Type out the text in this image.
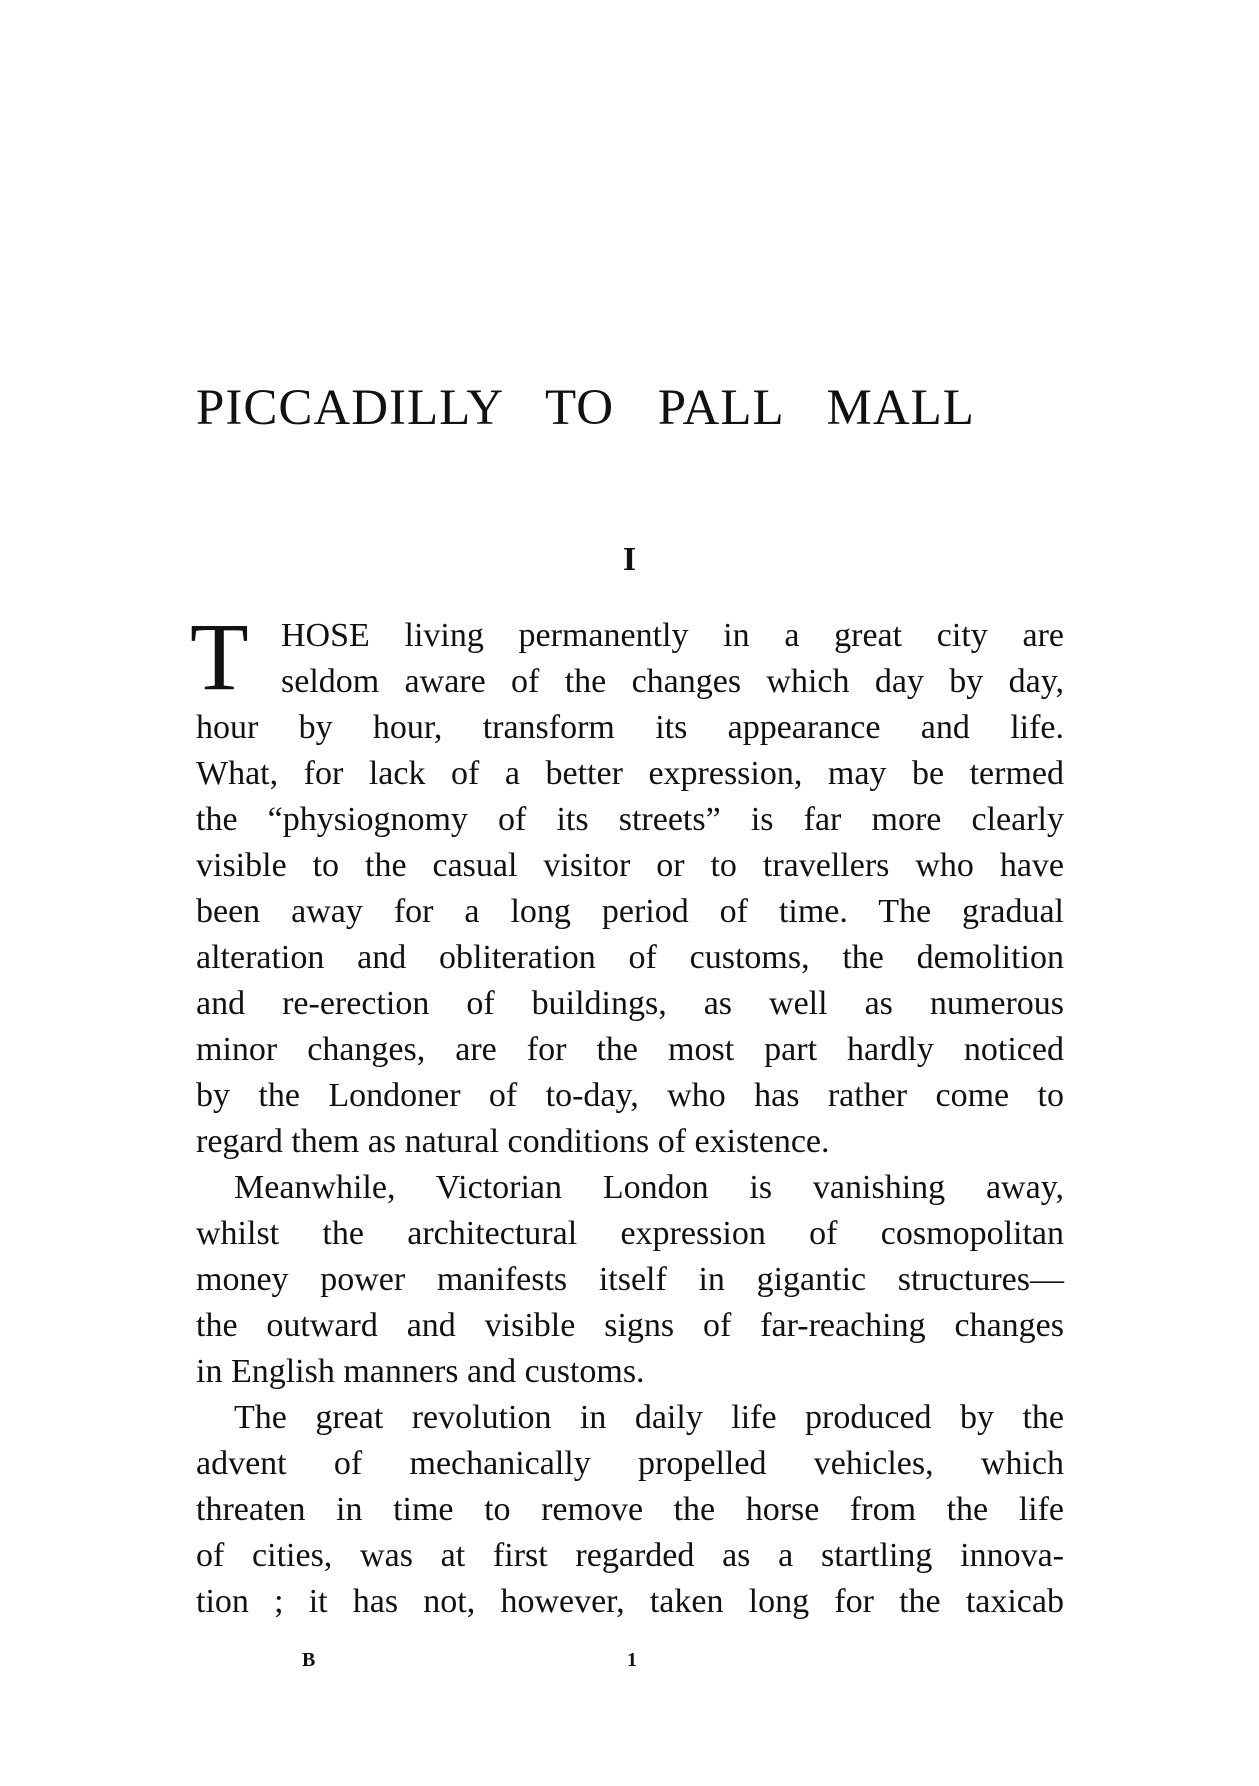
PICCADILLY TO PALL MALL
I
T HOSE living permanently in a great city are
seldom aware of the changes which day by day,
hour by hour, transform its appearance and life.
What, for lack of a better expression, may be termed
the “physiognomy of its streets” is far more clearly
visible to the casual visitor or to travellers who have
been away for a long period of time. The gradual
alteration and obliteration of customs, the demolition
and re-erection of buildings, as well as numerous
minor changes, are for the most part hardly noticed
by the Londoner of to-day, who has rather come to
regard them as natural conditions of existence.
Meanwhile, Victorian London is vanishing away,
whilst the architectural expression of cosmopolitan
money power manifests itself in gigantic structures—
the outward and visible signs of far-reaching changes
in English manners and customs.
The great revolution in daily life produced by the
advent of mechanically propelled vehicles, which
threaten in time to remove the horse from the life
of cities, was at first regarded as a startling innova-
tion ; it has not, however, taken long for the taxicab
B	1
